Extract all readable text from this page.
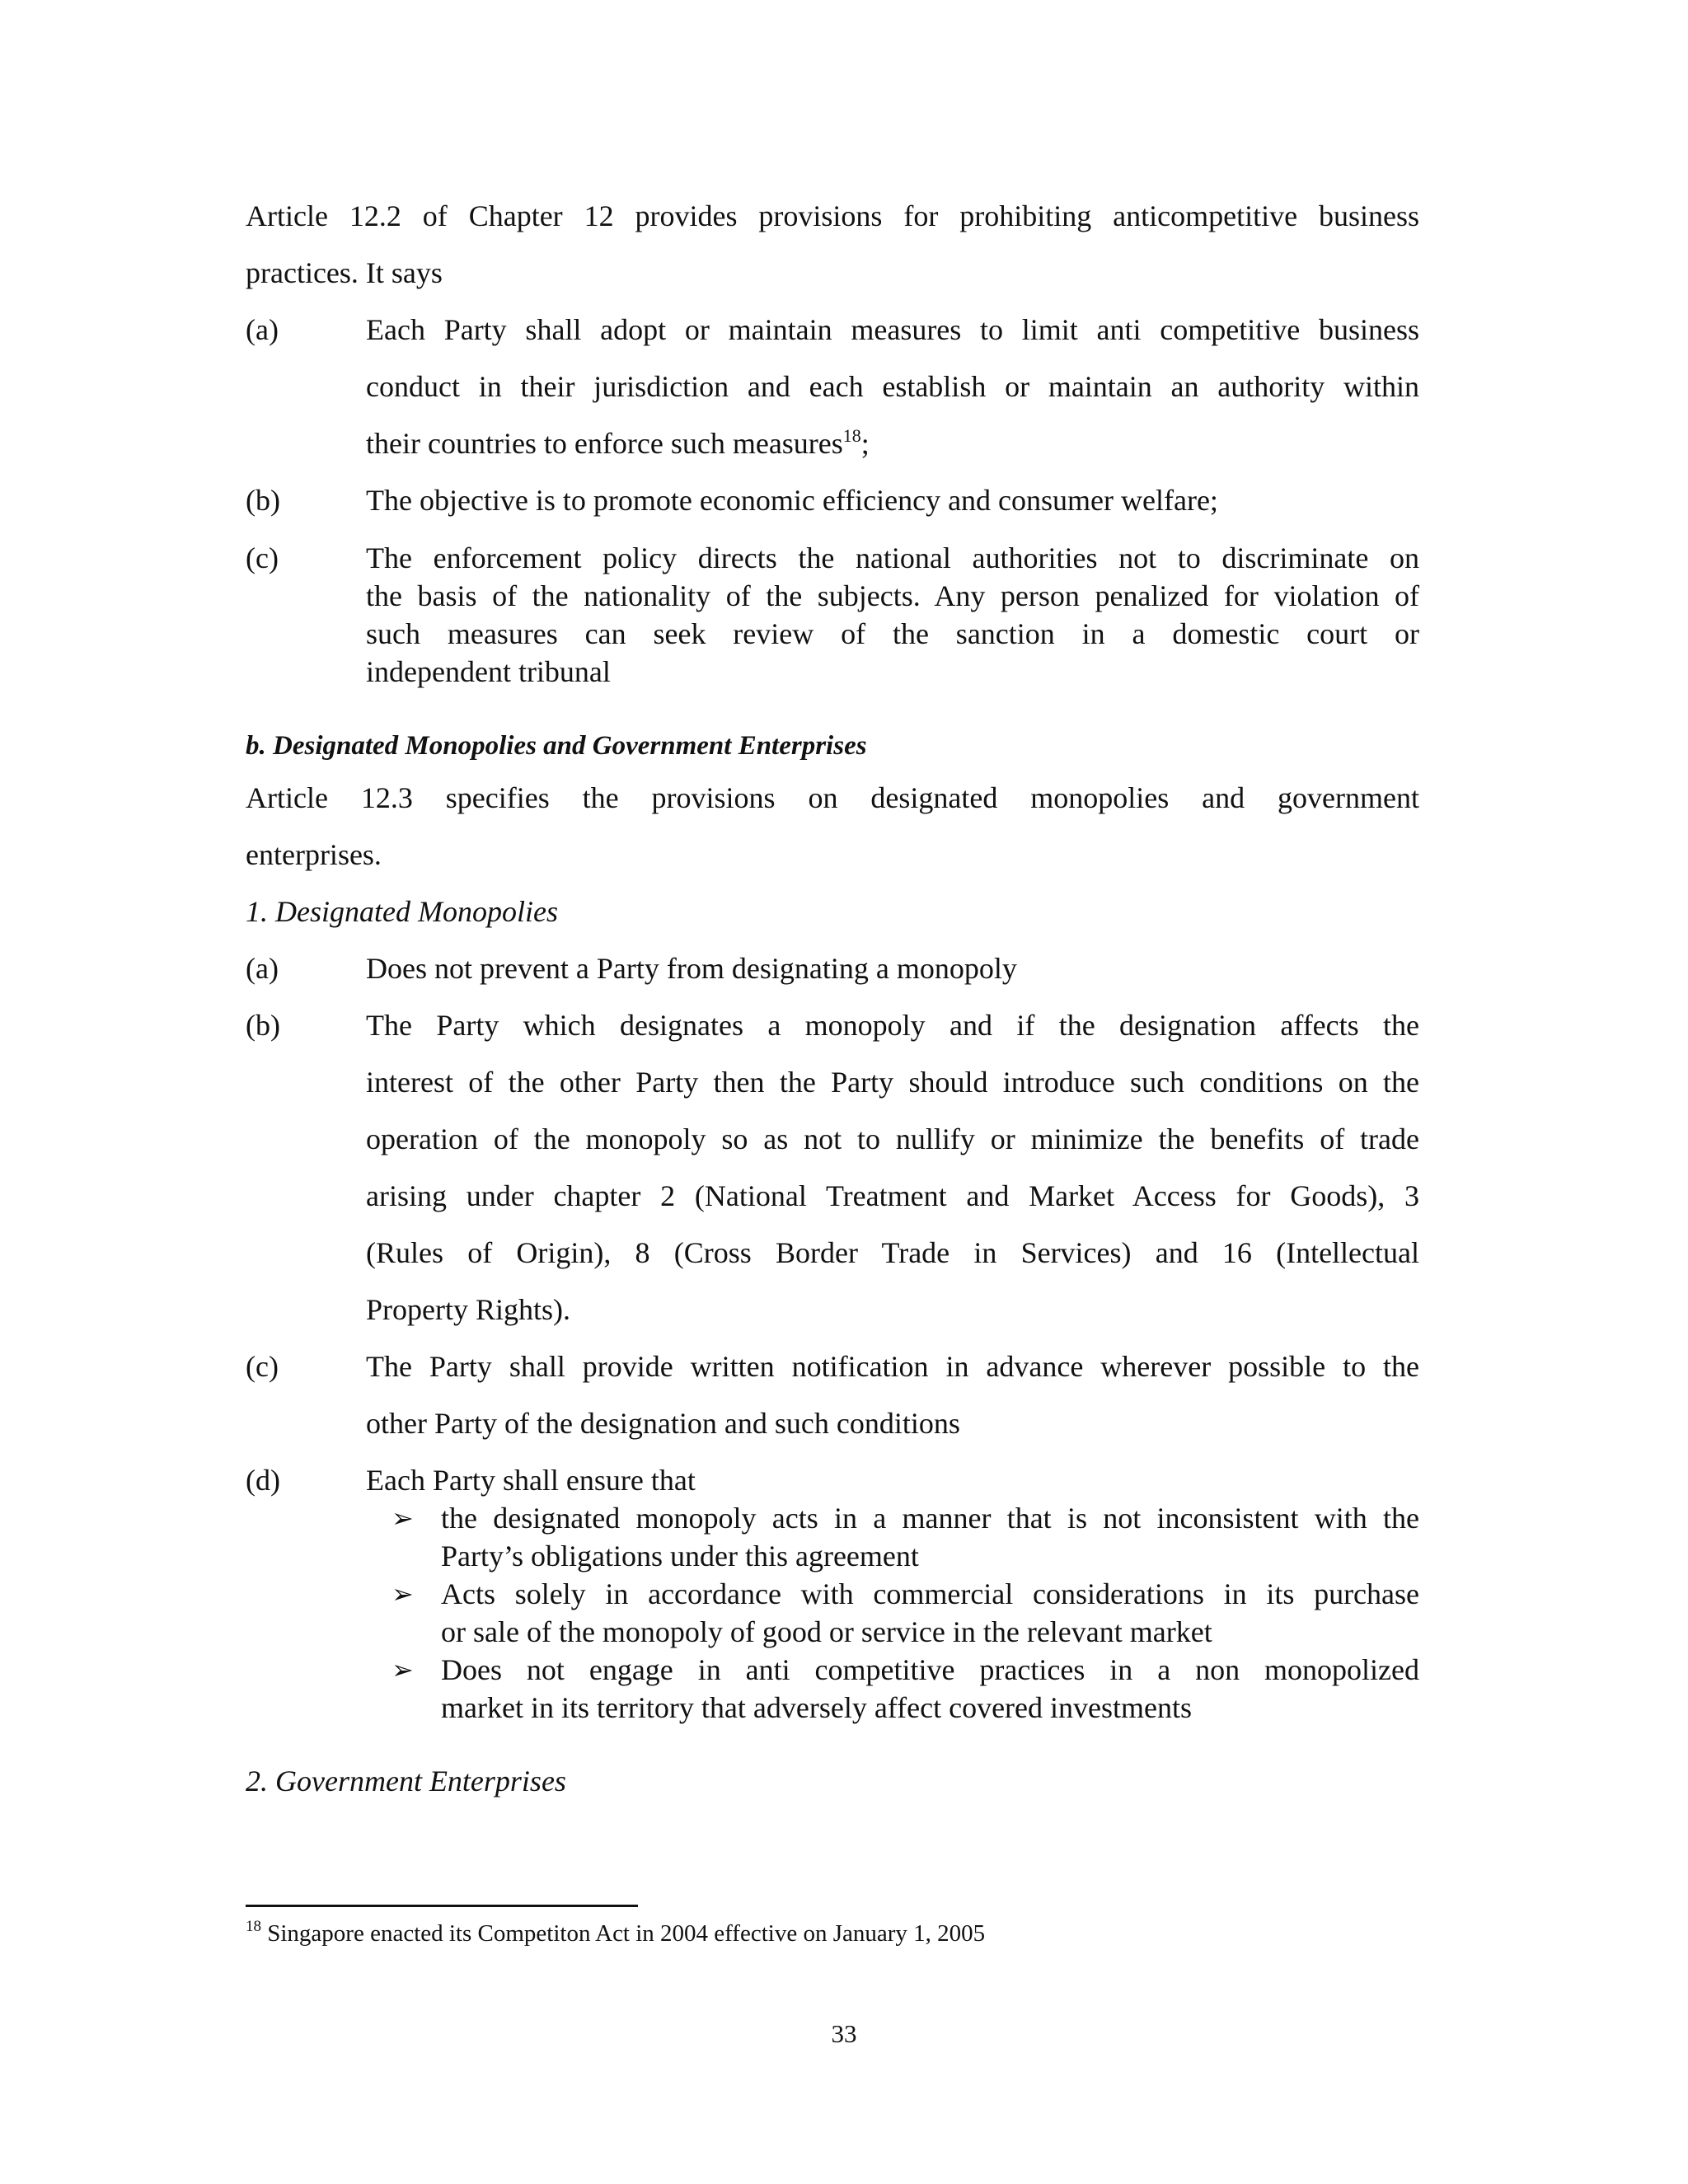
Article 12.2 of Chapter 12 provides provisions for prohibiting anticompetitive business
practices. It says
(a)	Each Party shall adopt or maintain measures to limit anti competitive business
conduct in their jurisdiction and each establish or maintain an authority within
their countries to enforce such measures$^{18}$;
(b)	The objective is to promote economic efficiency and consumer welfare;
(c)	The enforcement policy directs the national authorities not to discriminate on
the basis of the nationality of the subjects. Any person penalized for violation of
such measures can seek review of the sanction in a domestic court or
independent tribunal
b. Designated Monopolies and Government Enterprises
Article 12.3 specifies the provisions on designated monopolies and government
enterprises.
1. Designated Monopolies
(a)	Does not prevent a Party from designating a monopoly
(b)	The Party which designates a monopoly and if the designation affects the
interest of the other Party then the Party should introduce such conditions on the
operation of the monopoly so as not to nullify or minimize the benefits of trade
arising under chapter 2 (National Treatment and Market Access for Goods), 3
(Rules of Origin), 8 (Cross Border Trade in Services) and 16 (Intellectual
Property Rights).
(c)	The Party shall provide written notification in advance wherever possible to the
other Party of the designation and such conditions
(d)	Each Party shall ensure that
➢ the designated monopoly acts in a manner that is not inconsistent with the
Party’s obligations under this agreement
➢ Acts solely in accordance with commercial considerations in its purchase
or sale of the monopoly of good or service in the relevant market
➢ Does not engage in anti competitive practices in a non monopolized
market in its territory that adversely affect covered investments
2. Government Enterprises
$^{18}$ Singapore enacted its Competiton Act in 2004 effective on January 1, 2005
33
